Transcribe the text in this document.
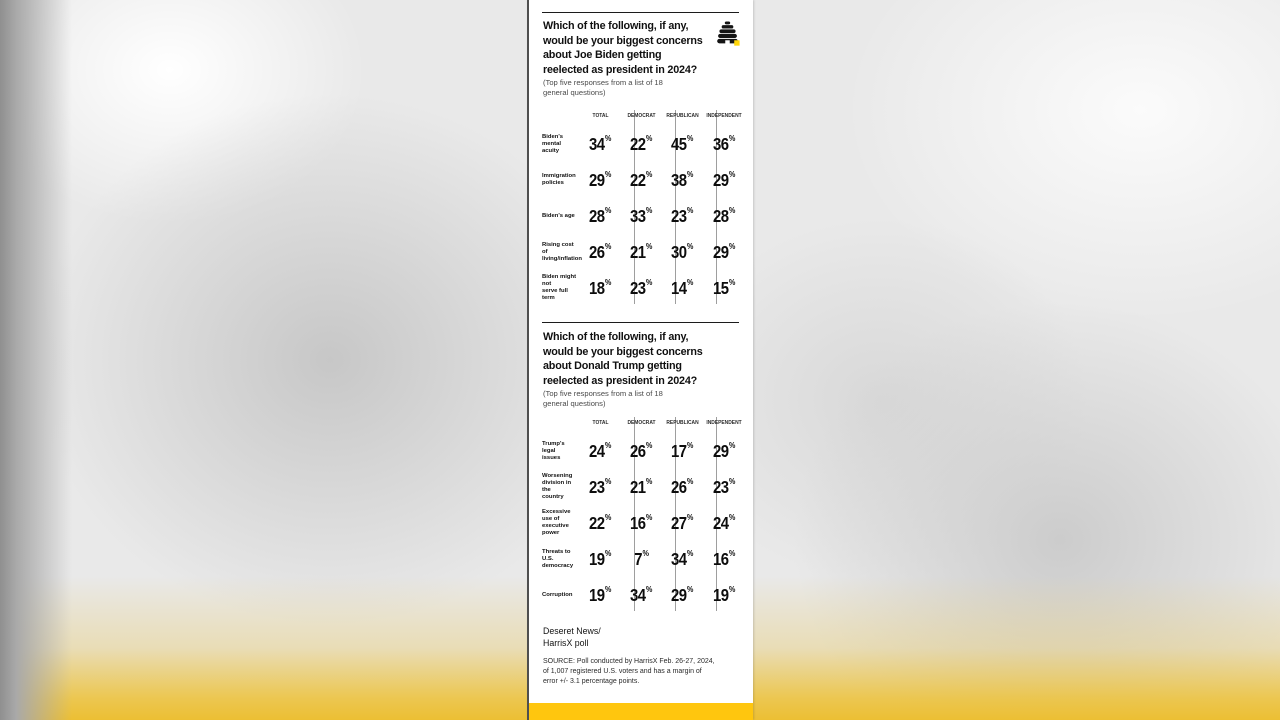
Which of the following, if any,
would be your biggest concerns
about Joe Biden getting
reelected as president in 2024?
(Top five responses from a list of 18
general questions)
TOTAL	DEMOCRAT	REPUBLICAN	INDEPENDENT
Biden's
mental acuity	34% 22% 45% 36%
Immigration
policies	29% 22% 38% 29%
Biden's age 28% 33% 23% 28%
Rising cost of
living/inflation 26% 21% 30% 29%
Biden might not
serve full term
18% 23% 14% 15%
Which of the following, if any,
would be your biggest concerns
about Donald Trump getting
reelected as president in 2024?
(Top five responses from a list of 18
general questions)
TOTAL	DEMOCRAT	REPUBLICAN	INDEPENDENT
Trump's legal
issues	24% 26% 17% 29%
Worsening
division in the
country
23% 21% 26% 23%
Excessive use of
executive power
22% 16% 27% 24%
Threats to U.S.
democracy 19% 7% 34% 16%
Corruption 19% 34% 29% 19%
Deseret News/
HarrisX poll
SOURCE: Poll conducted by HarrisX Feb. 26-27, 2024,
of 1,007 registered U.S. voters and has a margin of
error +/- 3.1 percentage points.
